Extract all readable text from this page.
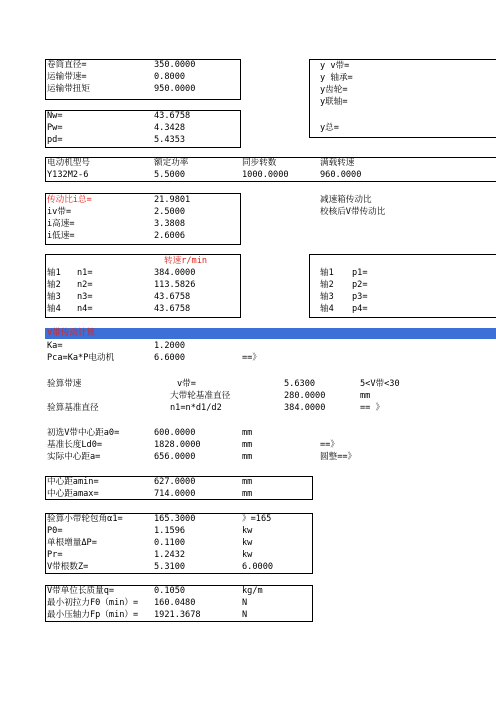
卷筒直径=	350.0000
运输带速=	0.8000
运输带扭矩	950.0000
y v带=
y 轴承=
y齿轮=
y联轴=
y总=
Nw=	43.6758
Pw=	4.3428
pd=	5.4353
电动机型号	额定功率	同步转数	满载转速
Y132M2-6	5.5000	1000.0000	960.0000
传动比i总=	21.9801
iv带=	2.5000
i高速=	3.3808
i低速=	2.6006
减速箱传动比
校核后V带传动比
转速r/min
轴1 n1=	384.0000
轴2 n2=	113.5826
轴3 n3=	43.6758
轴4 n4=	43.6758
轴1 p1=
轴2 p2=
轴3 p3=
轴4 p4=
V带传动计算
Ka=	1.2000
Pca=Ka*P电动机	6.6000	==》
验算带速	v带=	5.6300	5<V带<30
大带轮基准直径	280.0000	mm
验算基准直径	n1=n*d1/d2	384.0000	== 》
初选V带中心距a0=	600.0000	mm
基准长度Ld0=	1828.0000	mm	==》
实际中心距a=	656.0000	mm	圆整==》
中心距amin=	627.0000	mm
中心距amax=	714.0000	mm
验算小带轮包角α1=	165.3000	》=165
P0=	1.1596	kw
单根增量ΔP=	0.1100	kw
Pr=	1.2432	kw
V带根数Z=	5.3100	6.0000
V带单位长质量q=	0.1050	kg/m
最小初拉力F0（min）= 160.0480	N
最小压轴力Fp（min）= 1921.3678	N
